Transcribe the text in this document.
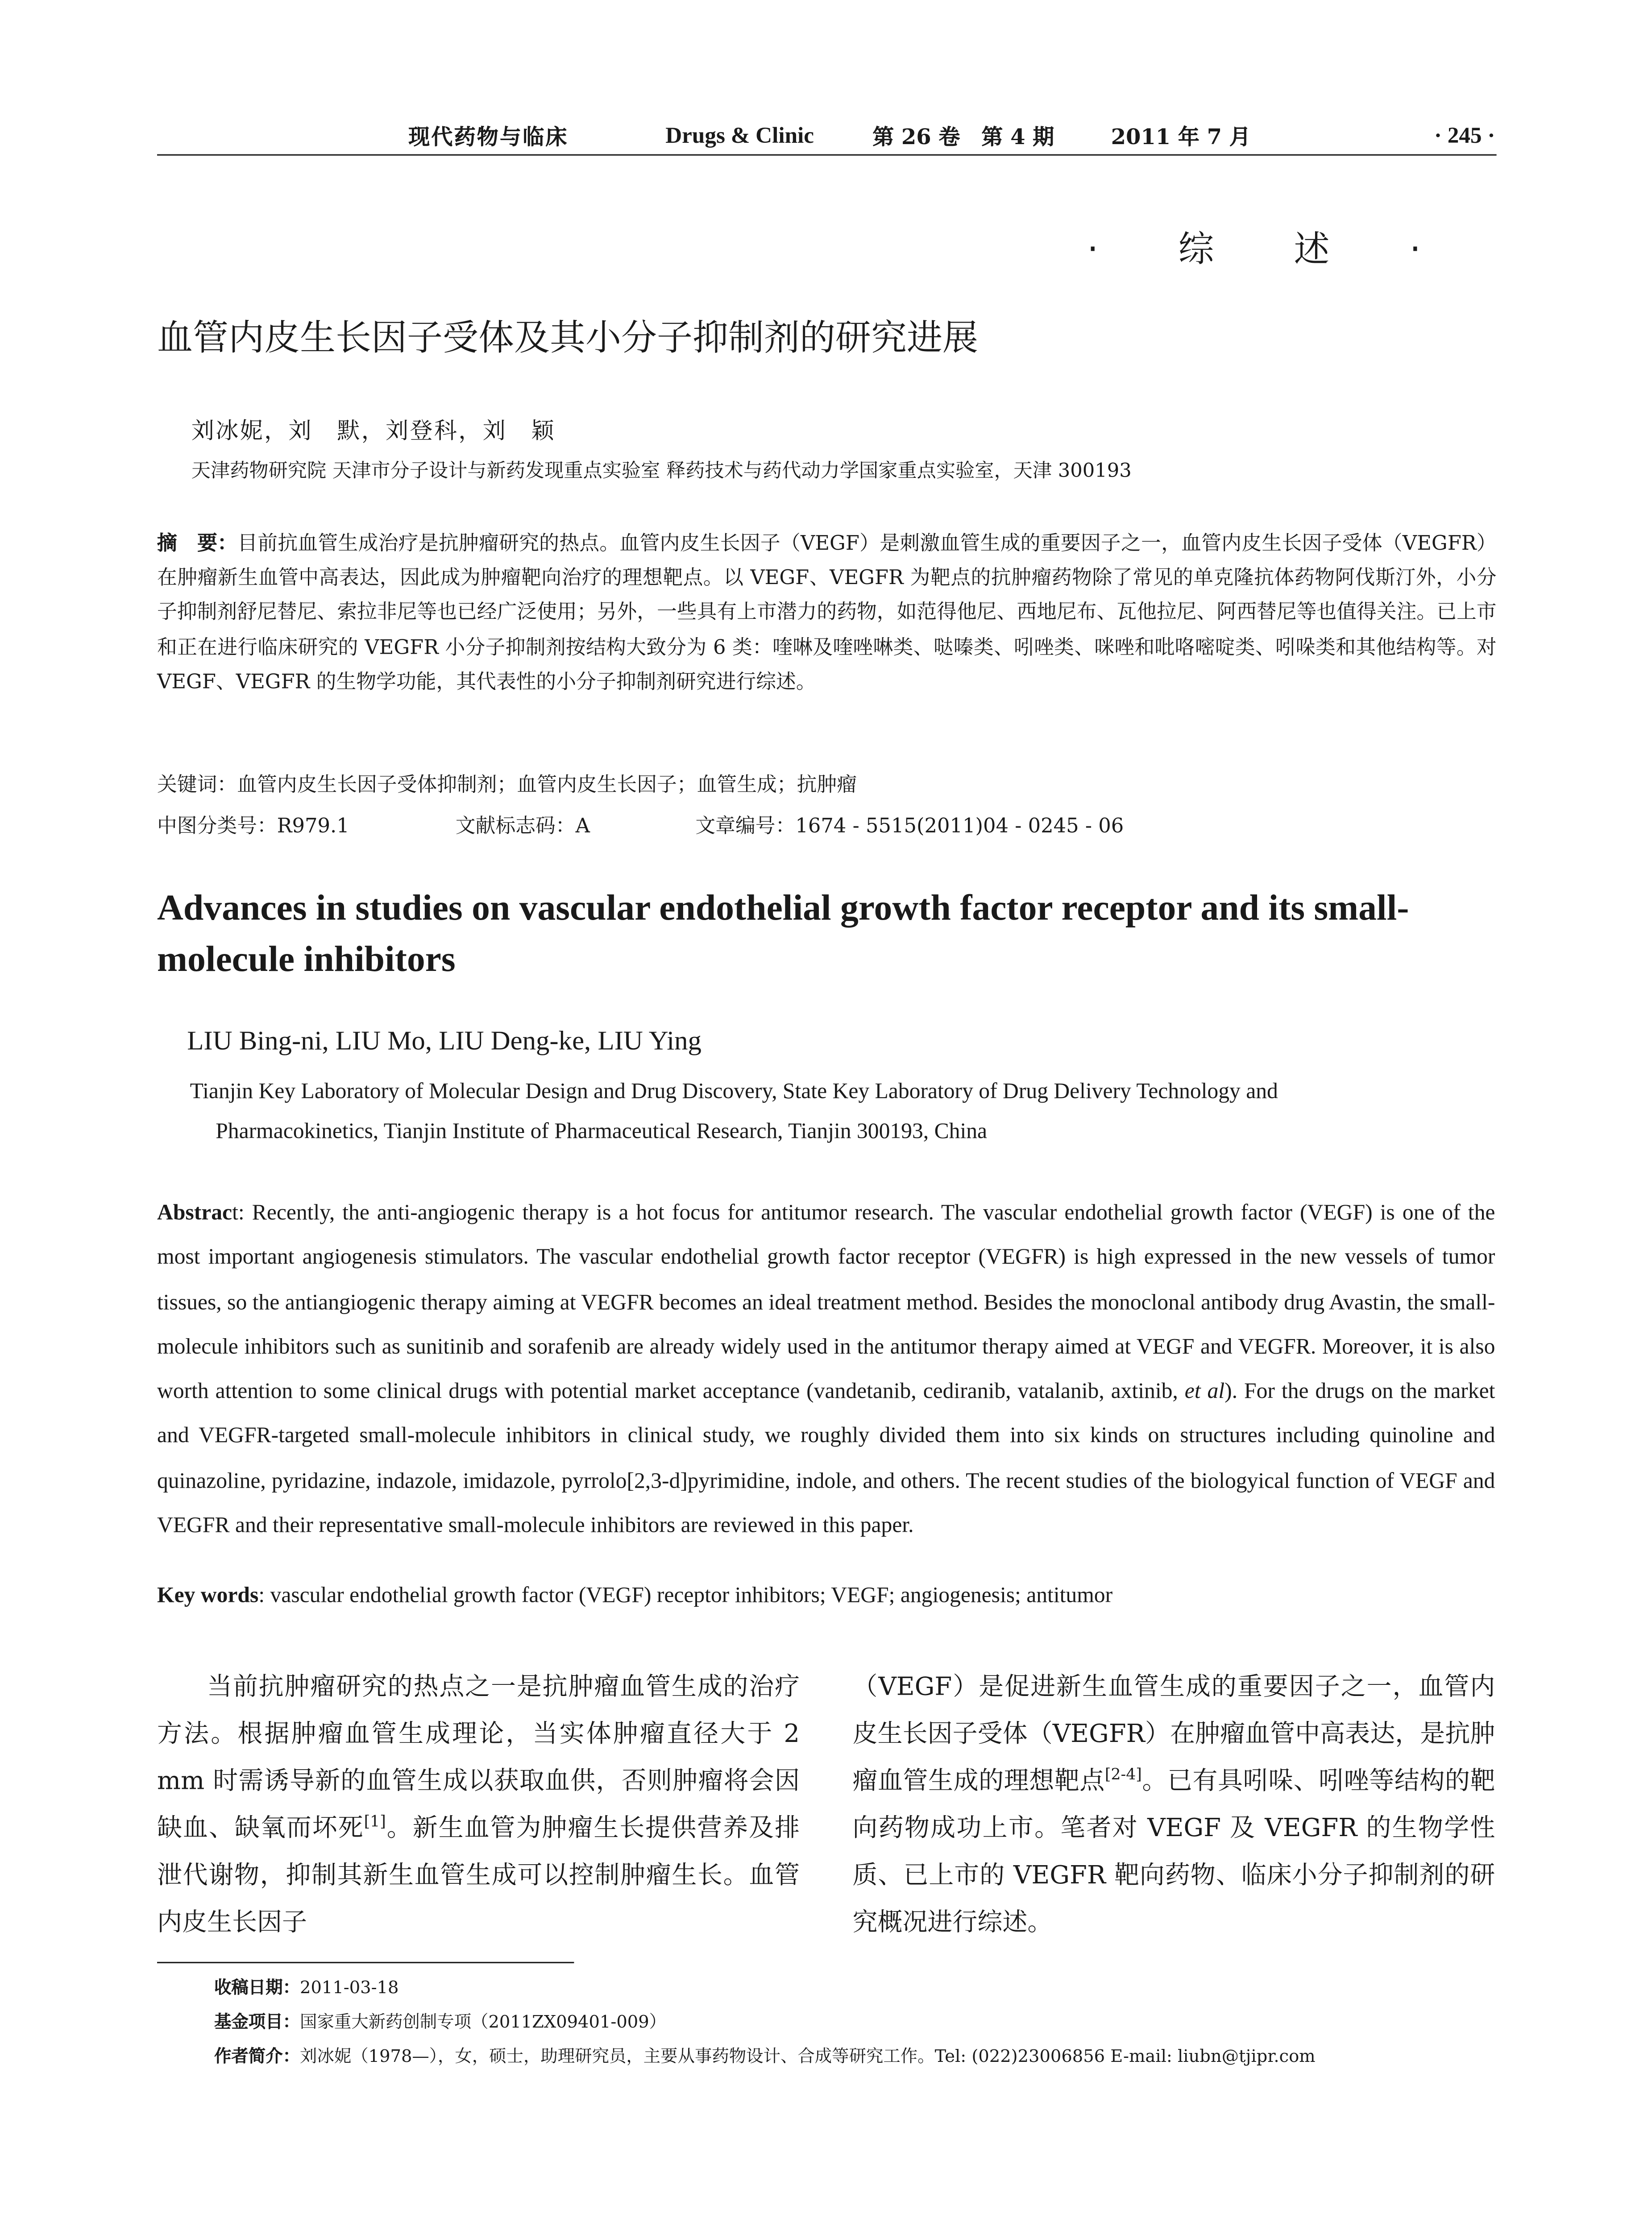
现代药物与临床	Drugs & Clinic	第 26 卷　第 4 期	2011 年 7 月	· 245 ·
· 综 述 ·
血管内皮生长因子受体及其小分子抑制剂的研究进展
刘冰妮，刘　默，刘登科，刘　颖
天津药物研究院 天津市分子设计与新药发现重点实验室 释药技术与药代动力学国家重点实验室，天津 300193
摘　要：目前抗血管生成治疗是抗肿瘤研究的热点。血管内皮生长因子（VEGF）是刺激血管生成的重要因子之一，血管内皮生长因子受体（VEGFR）在肿瘤新生血管中高表达，因此成为肿瘤靶向治疗的理想靶点。以 VEGF、VEGFR 为靶点的抗肿瘤药物除了常见的单克隆抗体药物阿伐斯汀外，小分子抑制剂舒尼替尼、索拉非尼等也已经广泛使用；另外，一些具有上市潜力的药物，如范得他尼、西地尼布、瓦他拉尼、阿西替尼等也值得关注。已上市和正在进行临床研究的 VEGFR 小分子抑制剂按结构大致分为 6 类：喹啉及喹唑啉类、哒嗪类、吲唑类、咪唑和吡咯嘧啶类、吲哚类和其他结构等。对 VEGF、VEGFR 的生物学功能，其代表性的小分子抑制剂研究进行综述。
关键词：血管内皮生长因子受体抑制剂；血管内皮生长因子；血管生成；抗肿瘤
中图分类号：R979.1	文献标志码：A	文章编号：1674 - 5515(2011)04 - 0245 - 06
Advances in studies on vascular endothelial growth factor receptor and its small-molecule inhibitors
LIU Bing-ni, LIU Mo, LIU Deng-ke, LIU Ying
Tianjin Key Laboratory of Molecular Design and Drug Discovery, State Key Laboratory of Drug Delivery Technology and
Pharmacokinetics, Tianjin Institute of Pharmaceutical Research, Tianjin 300193, China
Abstract: Recently, the anti-angiogenic therapy is a hot focus for antitumor research. The vascular endothelial growth factor (VEGF) is one of the most important angiogenesis stimulators. The vascular endothelial growth factor receptor (VEGFR) is high expressed in the new vessels of tumor tissues, so the antiangiogenic therapy aiming at VEGFR becomes an ideal treatment method. Besides the monoclonal antibody drug Avastin, the small-molecule inhibitors such as sunitinib and sorafenib are already widely used in the antitumor therapy aimed at VEGF and VEGFR. Moreover, it is also worth attention to some clinical drugs with potential market acceptance (vandetanib, cediranib, vatalanib, axtinib, et al). For the drugs on the market and VEGFR-targeted small-molecule inhibitors in clinical study, we roughly divided them into six kinds on structures including quinoline and quinazoline, pyridazine, indazole, imidazole, pyrrolo[2,3-d]pyrimidine, indole, and others. The recent studies of the biologyical function of VEGF and VEGFR and their representative small-molecule inhibitors are reviewed in this paper.
Key words: vascular endothelial growth factor (VEGF) receptor inhibitors; VEGF; angiogenesis; antitumor
当前抗肿瘤研究的热点之一是抗肿瘤血管生成的治疗方法。根据肿瘤血管生成理论，当实体肿瘤直径大于 2 mm 时需诱导新的血管生成以获取血供，否则肿瘤将会因缺血、缺氧而坏死[1]。新生血管为肿瘤生长提供营养及排泄代谢物，抑制其新生血管生成可以控制肿瘤生长。血管内皮生长因子
（VEGF）是促进新生血管生成的重要因子之一，血管内皮生长因子受体（VEGFR）在肿瘤血管中高表达，是抗肿瘤血管生成的理想靶点[2-4]。已有具吲哚、吲唑等结构的靶向药物成功上市。笔者对 VEGF 及 VEGFR 的生物学性质、已上市的 VEGFR 靶向药物、临床小分子抑制剂的研究概况进行综述。
收稿日期：2011-03-18
基金项目：国家重大新药创制专项（2011ZX09401-009）
作者简介：刘冰妮（1978—），女，硕士，助理研究员，主要从事药物设计、合成等研究工作。Tel: (022)23006856 E-mail: liubn@tjipr.com
